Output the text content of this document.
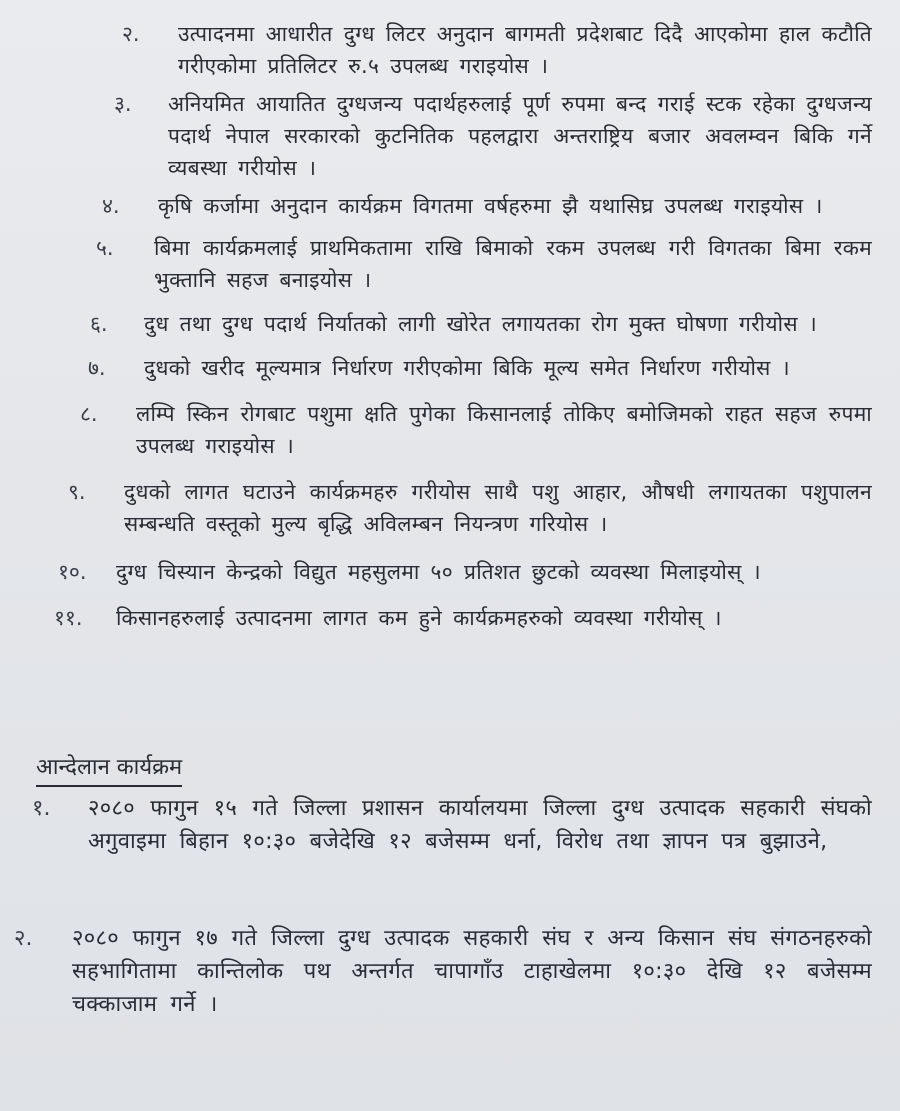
२. उत्पादनमा आधारीत दुग्ध लिटर अनुदान बागमती प्रदेशबाट दिदै आएकोमा हाल कटौति गरीएकोमा प्रतिलिटर रु.५ उपलब्ध गराइयोस ।
३. अनियमित आयातित दुग्धजन्य पदार्थहरुलाई पूर्ण रुपमा बन्द गराई स्टक रहेका दुग्धजन्य पदार्थ नेपाल सरकारको कुटनितिक पहलद्वारा अन्तराष्ट्रिय बजार अवलम्वन बिकि गर्ने व्यबस्था गरीयोस ।
४. कृषि कर्जामा अनुदान कार्यक्रम विगतमा वर्षहरुमा झै यथासिघ्र उपलब्ध गराइयोस ।
५. बिमा कार्यक्रमलाई प्राथमिकतामा राखि बिमाको रकम उपलब्ध गरी विगतका बिमा रकम भुक्तानि सहज बनाइयोस ।
६. दुध तथा दुग्ध पदार्थ निर्यातको लागी खोरेत लगायतका रोग मुक्त घोषणा गरीयोस ।
७. दुधको खरीद मूल्यमात्र निर्धारण गरीएकोमा बिकि मूल्य समेत निर्धारण गरीयोस ।
८. लम्पि स्किन रोगबाट पशुमा क्षति पुगेका किसानलाई तोकिए बमोजिमको राहत सहज रुपमा उपलब्ध गराइयोस ।
९. दुधको लागत घटाउने कार्यक्रमहरु गरीयोस साथै पशु आहार, औषधी लगायतका पशुपालन सम्बन्धति वस्तूको मुल्य बृद्धि अविलम्बन नियन्त्रण गरियोस ।
१०. दुग्ध चिस्यान केन्द्रको विद्युत महसुलमा ५० प्रतिशत छुटको व्यवस्था मिलाइयोस् ।
११. किसानहरुलाई उत्पादनमा लागत कम हुने कार्यक्रमहरुको व्यवस्था गरीयोस् ।
आन्देलान कार्यक्रम
१. २०८० फागुन १५ गते जिल्ला प्रशासन कार्यालयमा जिल्ला दुग्ध उत्पादक सहकारी संघको अगुवाइमा बिहान १०:३० बजेदेखि १२ बजेसम्म धर्ना, विरोध तथा ज्ञापन पत्र बुझाउने,
२. २०८० फागुन १७ गते जिल्ला दुग्ध उत्पादक सहकारी संघ र अन्य किसान संघ संगठनहरुको सहभागितामा कान्तिलोक पथ अन्तर्गत चापागाँउ टाहाखेलमा १०:३० देखि १२ बजेसम्म चक्काजाम गर्ने ।
